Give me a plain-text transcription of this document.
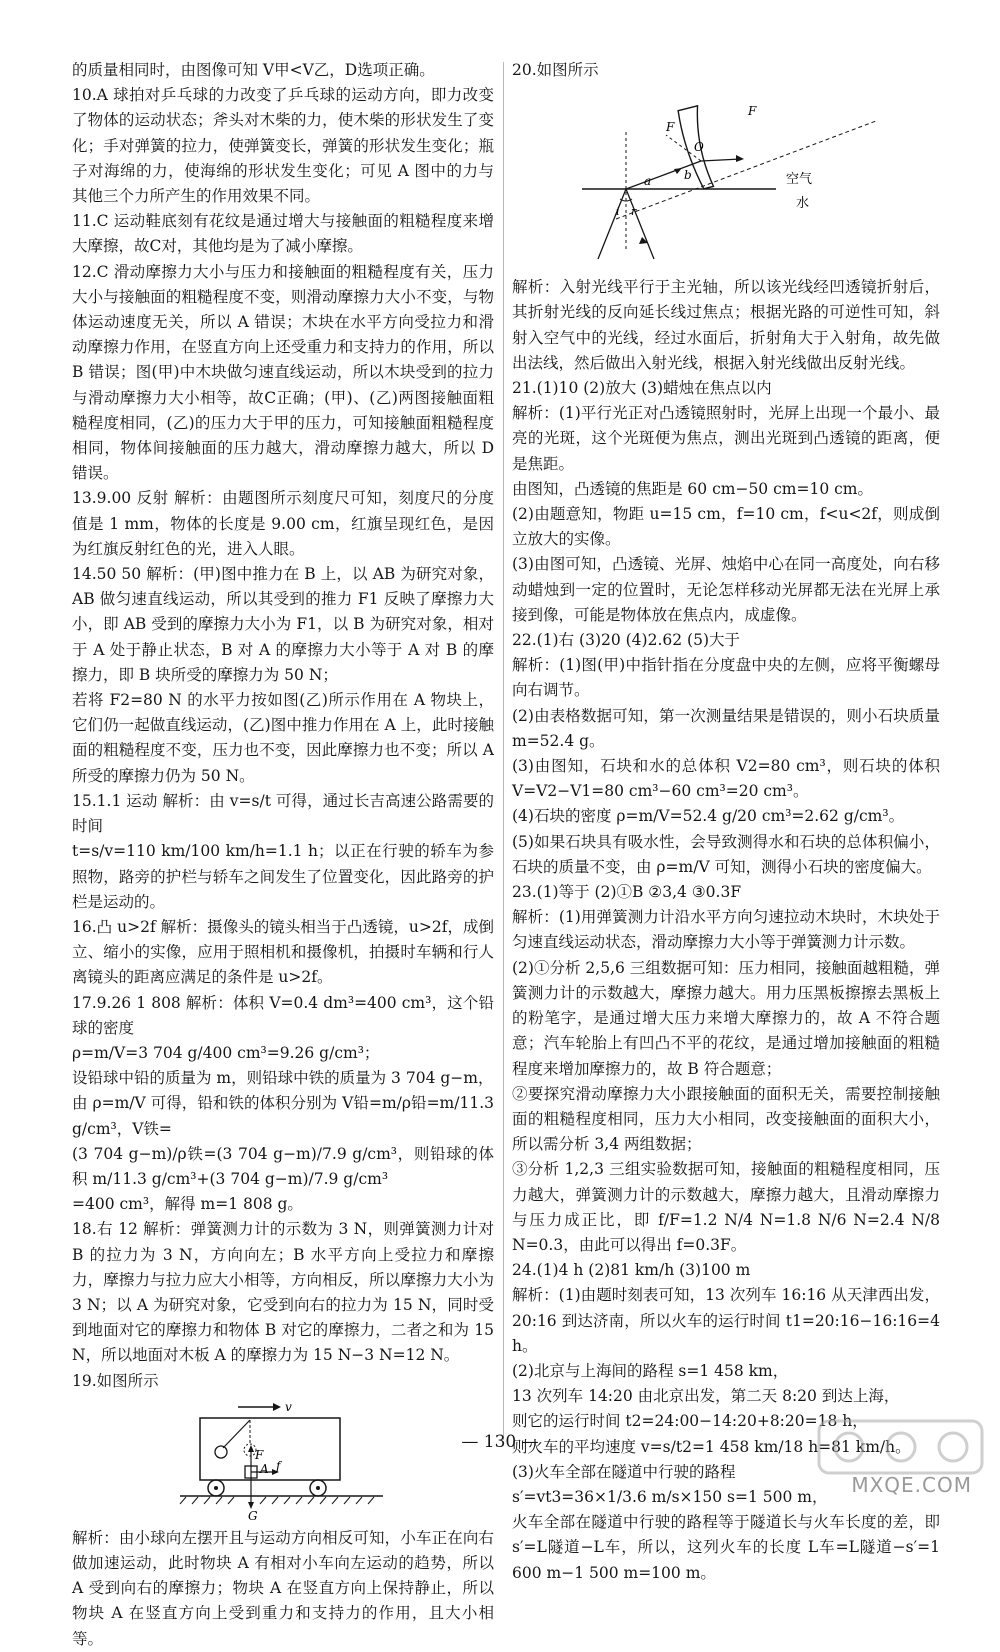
的质量相同时，由图像可知 V甲<V乙，D选项正确。

10.A 球拍对乒乓球的力改变了乒乓球的运动方向，即力改变了物体的运动状态；斧头对木柴的力，使木柴的形状发生了变化；手对弹簧的拉力，使弹簧变长，弹簧的形状发生变化；瓶子对海绵的力，使海绵的形状发生变化；可见 A 图中的力与其他三个力所产生的作用效果不同。

11.C 运动鞋底刻有花纹是通过增大与接触面的粗糙程度来增大摩擦，故C对，其他均是为了减小摩擦。

12.C 滑动摩擦力大小与压力和接触面的粗糙程度有关，压力大小与接触面的粗糙程度不变，则滑动摩擦力大小不变，与物体运动速度无关，所以 A 错误；木块在水平方向受拉力和滑动摩擦力作用，在竖直方向上还受重力和支持力的作用，所以 B 错误；图(甲)中木块做匀速直线运动，所以木块受到的拉力与滑动摩擦力大小相等，故C正确；(甲)、(乙)两图接触面粗糙程度相同，(乙)的压力大于甲的压力，可知接触面粗糙程度相同，物体间接触面的压力越大，滑动摩擦力越大，所以 D 错误。

13.9.00 反射 解析：由题图所示刻度尺可知，刻度尺的分度值是 1 mm，物体的长度是 9.00 cm，红旗呈现红色，是因为红旗反射红色的光，进入人眼。

14.50 50 解析：(甲)图中推力在 B 上，以 AB 为研究对象，AB 做匀速直线运动，所以其受到的推力 F1 反映了摩擦力大小，即 AB 受到的摩擦力大小为 F1，以 B 为研究对象，相对于 A 处于静止状态，B 对 A 的摩擦力大小等于 A 对 B 的摩擦力，即 B 块所受的摩擦力为 50 N；

若将 F2=80 N 的水平力按如图(乙)所示作用在 A 物块上，它们仍一起做直线运动，(乙)图中推力作用在 A 上，此时接触面的粗糙程度不变，压力也不变，因此摩擦力也不变；所以 A 所受的摩擦力仍为 50 N。

15.1.1 运动 解析：由 v=s/t 可得，通过长吉高速公路需要的时间

t=s/v=110 km/100 km/h=1.1 h；以正在行驶的轿车为参照物，路旁的护栏与轿车之间发生了位置变化，因此路旁的护栏是运动的。

16.凸 u>2f 解析：摄像头的镜头相当于凸透镜，u>2f，成倒立、缩小的实像，应用于照相机和摄像机，拍摄时车辆和行人离镜头的距离应满足的条件是 u>2f。

17.9.26 1 808 解析：体积 V=0.4 dm³=400 cm³，这个铅球的密度

ρ=m/V=3 704 g/400 cm³=9.26 g/cm³；

设铅球中铅的质量为 m，则铅球中铁的质量为 3 704 g−m，

由 ρ=m/V 可得，铅和铁的体积分别为 V铅=m/ρ铅=m/11.3 g/cm³，V铁=

(3 704 g−m)/ρ铁=(3 704 g−m)/7.9 g/cm³，则铅球的体积 m/11.3 g/cm³+(3 704 g−m)/7.9 g/cm³

=400 cm³，解得 m=1 808 g。

18.右 12 解析：弹簧测力计的示数为 3 N，则弹簧测力计对 B 的拉力为 3 N，方向向左；B 水平方向上受拉力和摩擦力，摩擦力与拉力应大小相等，方向相反，所以摩擦力大小为 3 N；以 A 为研究对象，它受到向右的拉力为 15 N，同时受到地面对它的摩擦力和物体 B 对它的摩擦力，二者之和为 15 N，所以地面对木板 A 的摩擦力为 15 N−3 N=12 N。

19.如图所示

v
F
A f
G

解析：由小球向左摆开且与运动方向相反可知，小车正在向右做加速运动，此时物块 A 有相对小车向左运动的趋势，所以 A 受到向右的摩擦力；物块 A 在竖直方向上保持静止，所以物块 A 在竖直方向上受到重力和支持力的作用，且大小相等。

20.如图所示

F
F
O
a	b
i r
空气
水

解析：入射光线平行于主光轴，所以该光线经凹透镜折射后，其折射光线的反向延长线过焦点；根据光路的可逆性可知，斜射入空气中的光线，经过水面后，折射角大于入射角，故先做出法线，然后做出入射光线，根据入射光线做出反射光线。

21.(1)10 (2)放大 (3)蜡烛在焦点以内

解析：(1)平行光正对凸透镜照射时，光屏上出现一个最小、最亮的光斑，这个光斑便为焦点，测出光斑到凸透镜的距离，便是焦距。

由图知，凸透镜的焦距是 60 cm−50 cm=10 cm。

(2)由题意知，物距 u=15 cm，f=10 cm，f<u<2f，则成倒立放大的实像。

(3)由图可知，凸透镜、光屏、烛焰中心在同一高度处，向右移动蜡烛到一定的位置时，无论怎样移动光屏都无法在光屏上承接到像，可能是物体放在焦点内，成虚像。

22.(1)右 (3)20 (4)2.62 (5)大于

解析：(1)图(甲)中指针指在分度盘中央的左侧，应将平衡螺母向右调节。

(2)由表格数据可知，第一次测量结果是错误的，则小石块质量 m=52.4 g。

(3)由图知，石块和水的总体积 V2=80 cm³，则石块的体积 V=V2−V1=80 cm³−60 cm³=20 cm³。

(4)石块的密度 ρ=m/V=52.4 g/20 cm³=2.62 g/cm³。

(5)如果石块具有吸水性，会导致测得水和石块的总体积偏小，石块的质量不变，由 ρ=m/V 可知，测得小石块的密度偏大。

23.(1)等于 (2)①B ②3,4 ③0.3F

解析：(1)用弹簧测力计沿水平方向匀速拉动木块时，木块处于匀速直线运动状态，滑动摩擦力大小等于弹簧测力计示数。

(2)①分析 2,5,6 三组数据可知：压力相同，接触面越粗糙，弹簧测力计的示数越大，摩擦力越大。用力压黑板擦擦去黑板上的粉笔字，是通过增大压力来增大摩擦力的，故 A 不符合题意；汽车轮胎上有凹凸不平的花纹，是通过增加接触面的粗糙程度来增加摩擦力的，故 B 符合题意；

②要探究滑动摩擦力大小跟接触面的面积无关，需要控制接触面的粗糙程度相同，压力大小相同，改变接触面的面积大小，所以需分析 3,4 两组数据；

③分析 1,2,3 三组实验数据可知，接触面的粗糙程度相同，压力越大，弹簧测力计的示数越大，摩擦力越大，且滑动摩擦力与压力成正比，即 f/F=1.2 N/4 N=1.8 N/6 N=2.4 N/8 N=0.3，由此可以得出 f=0.3F。

24.(1)4 h (2)81 km/h (3)100 m

解析：(1)由题时刻表可知，13 次列车 16:16 从天津西出发，20:16 到达济南，所以火车的运行时间 t1=20:16−16:16=4 h。

(2)北京与上海间的路程 s=1 458 km，

13 次列车 14:20 由北京出发，第二天 8:20 到达上海，

则它的运行时间 t2=24:00−14:20+8:20=18 h，

则火车的平均速度 v=s/t2=1 458 km/18 h=81 km/h。

(3)火车全部在隧道中行驶的路程

s′=vt3=36×1/3.6 m/s×150 s=1 500 m，

火车全部在隧道中行驶的路程等于隧道长与火车长度的差，即 s′=L隧道−L车，所以，这列火车的长度 L车=L隧道−s′=1 600 m−1 500 m=100 m。

— 130 —
MXQE.COM
